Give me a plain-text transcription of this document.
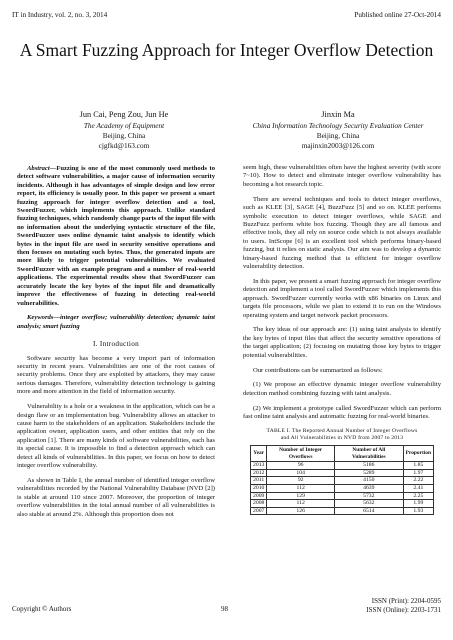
IT in Industry, vol. 2, no. 3, 2014	Published online 27-Oct-2014
A Smart Fuzzing Approach for Integer Overflow Detection
Jun Cai, Peng Zou, Jun He
The Academy of Equipment
Beijing, China
cjgfkd@163.com
Jinxin Ma
China Information Technology Security Evaluation Center
Beijing, China
majinxin2003@126.com

Abstract—Fuzzing is one of the most commonly used methods to detect software vulnerabilities, a major cause of information security incidents. Although it has advantages of simple design and low error report, its efficiency is usually poor. In this paper we present a smart fuzzing approach for integer overflow detection and a tool, SwordFuzzer, which implements this approach. Unlike standard fuzzing techniques, which randomly change parts of the input file with no information about the underlying syntactic structure of the file, SwordFuzzer uses online dynamic taint analysis to identify which bytes in the input file are used in security sensitive operations and then focuses on mutating such bytes. Thus, the generated inputs are more likely to trigger potential vulnerabilities. We evaluated SwordFuzzer with an example program and a number of real-world applications. The experimental results show that SwordFuzzer can accurately locate the key bytes of the input file and dramatically improve the effectiveness of fuzzing in detecting real-world vulnerabilities.

Keywords—integer overflow; vulnerability detection; dynamic taint analysis; smart fuzzing

I. Introduction

Software security has become a very import part of information security in recent years. Vulnerabilities are one of the root causes of security problems. Once they are exploited by attackers, they may cause serious damages. Therefore, vulnerability detection technology is gaining more and more attention in the field of information security.

Vulnerability is a hole or a weakness in the application, which can be a design flaw or an implementation bug. Vulnerability allows an attacker to cause harm to the stakeholders of an application. Stakeholders include the application owner, application users, and other entities that rely on the application [1]. There are many kinds of software vulnerabilities, each has its special cause. It is impossible to find a detection approach which can detect all kinds of vulnerabilities. In this paper, we focus on how to detect integer overflow vulnerability.

As shown in Table I, the annual number of identified integer overflow vulnerabilities recorded by the National Vulnerability Database (NVD [2]) is stable at around 110 since 2007. Moreover, the proportion of integer overflow vulnerabilities in the total annual number of all vulnerabilities is also stable at around 2%. Although this proportion does not

seem high, these vulnerabilities often have the highest severity (with score 7~10). How to detect and eliminate integer overflow vulnerability has becoming a hot research topic.

There are several techniques and tools to detect integer overflows, such as KLEE [3], SAGE [4], BuzzFuzz [5] and so on. KLEE performs symbolic execution to detect integer overflows, while SAGE and BuzzFuzz perform white box fuzzing. Though they are all famous and effective tools, they all rely on source code which is not always available to users. IntScope [6] is an excellent tool which performs binary-based fuzzing, but it relies on static analysis. Our aim was to develop a dynamic binary-based fuzzing method that is efficient for integer overflow vulnerability detection.

In this paper, we present a smart fuzzing approach for integer overflow detection and implement a tool called SwordFuzzer which implements this approach. SwordFuzzer currently works with x86 binaries on Linux and targets file processors, while we plan to extend it to run on the Windows operating system and target network packet processors.

The key ideas of our approach are: (1) using taint analysis to identify the key bytes of input files that affect the security sensitive operations of the target application; (2) focusing on mutating those key bytes to trigger potential vulnerabilities.

Our contributions can be summarized as follows:

(1) We propose an effective dynamic integer overflow vulnerability detection method combining fuzzing with taint analysis.

(2) We implement a prototype called SwordFuzzer which can perform fast online taint analysis and automatic fuzzing for real-world binaries.

TABLE I. The Reported Annual Number of Integer Overflows
and All Vulnerabilities in NVD from 2007 to 2013
Year	Number of Integer Overflows	Number of All Vulnerabilities	Proportion
2013	96	5186	1.85
2012	104	5289	1.97
2011	92	4150	2.22
2010	112	4639	2.41
2009	129	5732	2.25
2008	112	5632	1.99
2007	126	6514	1.93
Copyright © Authors	98
ISSN (Print): 2204-0595
ISSN (Online): 2203-1731
